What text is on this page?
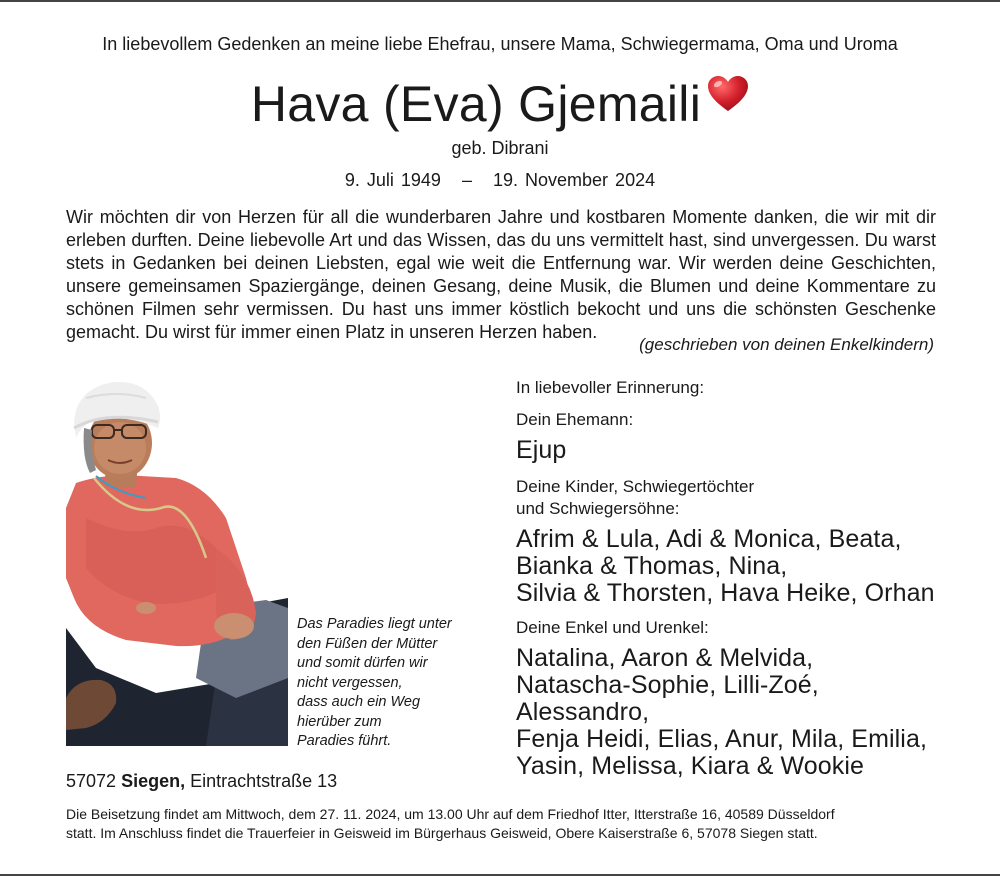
In liebevollem Gedenken an meine liebe Ehefrau, unsere Mama, Schwiegermama, Oma und Uroma
Hava (Eva) Gjemaili
geb. Dibrani
9. Juli 1949 – 19. November 2024
Wir möchten dir von Herzen für all die wunderbaren Jahre und kostbaren Momente danken, die wir mit dir erleben durften. Deine liebevolle Art und das Wissen, das du uns vermittelt hast, sind unvergessen. Du warst stets in Gedanken bei deinen Liebsten, egal wie weit die Entfernung war. Wir werden deine Geschichten, unsere gemeinsamen Spaziergänge, deinen Gesang, deine Musik, die Blumen und deine Kommentare zu schönen Filmen sehr vermissen. Du hast uns immer köstlich bekocht und uns die schönsten Geschenke gemacht. Du wirst für immer einen Platz in unseren Herzen haben.
(geschrieben von deinen Enkelkindern)
Das Paradies liegt unter
den Füßen der Mütter
und somit dürfen wir
nicht vergessen,
dass auch ein Weg
hierüber zum
Paradies führt.
In liebevoller Erinnerung:
Dein Ehemann:
Ejup
Deine Kinder, Schwiegertöchter
und Schwiegersöhne:
Afrim & Lula, Adi & Monica, Beata,
Bianka & Thomas, Nina,
Silvia & Thorsten, Hava Heike, Orhan
Deine Enkel und Urenkel:
Natalina, Aaron & Melvida,
Natascha-Sophie, Lilli-Zoé, Alessandro,
Fenja Heidi, Elias, Anur, Mila, Emilia,
Yasin, Melissa, Kiara & Wookie
57072 Siegen, Eintrachtstraße 13
Die Beisetzung findet am Mittwoch, dem 27. 11. 2024, um 13.00 Uhr auf dem Friedhof Itter, Itterstraße 16, 40589 Düsseldorf
statt. Im Anschluss findet die Trauerfeier in Geisweid im Bürgerhaus Geisweid, Obere Kaiserstraße 6, 57078 Siegen statt.
